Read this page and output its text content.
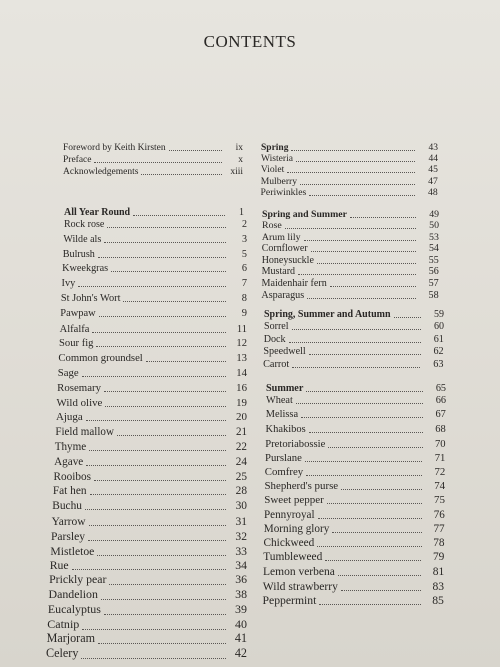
CONTENTS
Foreword by Keith Kirsten	ix
Preface	x
Acknowledgements	xiii
All Year Round	1
Rock rose	2
Wilde als	3
Bulrush	5
Kweekgras	6
Ivy	7
St John's Wort	8
Pawpaw	9
Alfalfa	11
Sour fig	12
Common groundsel	13
Sage	14
Rosemary	16
Wild olive	19
Ajuga	20
Field mallow	21
Thyme	22
Agave	24
Rooibos	25
Fat hen	28
Buchu	30
Yarrow	31
Parsley	32
Mistletoe	33
Rue	34
Prickly pear	36
Dandelion	38
Eucalyptus	39
Catnip	40
Marjoram	41
Celery	42
Spring	43
Wisteria	44
Violet	45
Mulberry	47
Periwinkles	48
Spring and Summer	49
Rose	50
Arum lily	53
Cornflower	54
Honeysuckle	55
Mustard	56
Maidenhair fern	57
Asparagus	58
Spring, Summer and Autumn	59
Sorrel	60
Dock	61
Speedwell	62
Carrot	63
Summer	65
Wheat	66
Melissa	67
Khakibos	68
Pretoriabossie	70
Purslane	71
Comfrey	72
Shepherd's purse	74
Sweet pepper	75
Pennyroyal	76
Morning glory	77
Chickweed	78
Tumbleweed	79
Lemon verbena	81
Wild strawberry	83
Peppermint	85
